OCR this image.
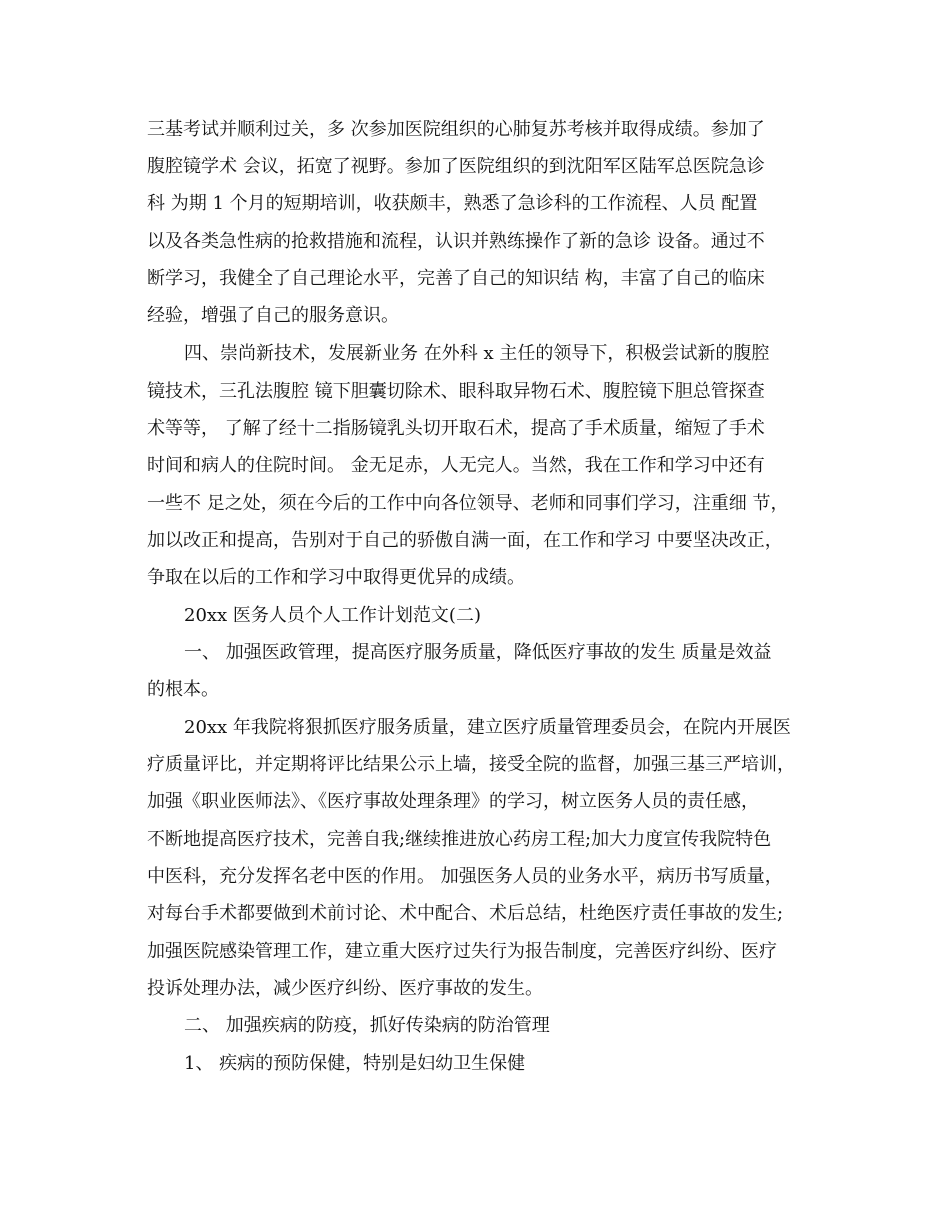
三基考试并顺利过关，多 次参加医院组织的心肺复苏考核并取得成绩。参加了

腹腔镜学术 会议，拓宽了视野。参加了医院组织的到沈阳军区陆军总医院急诊

科 为期 1 个月的短期培训，收获颇丰，熟悉了急诊科的工作流程、人员 配置

以及各类急性病的抢救措施和流程，认识并熟练操作了新的急诊 设备。通过不

断学习，我健全了自己理论水平，完善了自己的知识结 构，丰富了自己的临床

经验，增强了自己的服务意识。

四、崇尚新技术，发展新业务 在外科 x 主任的领导下，积极尝试新的腹腔

镜技术，三孔法腹腔 镜下胆囊切除术、眼科取异物石术、腹腔镜下胆总管探查

术等等， 了解了经十二指肠镜乳头切开取石术，提高了手术质量，缩短了手术

时间和病人的住院时间。 金无足赤，人无完人。当然，我在工作和学习中还有

一些不 足之处，须在今后的工作中向各位领导、老师和同事们学习，注重细 节，

加以改正和提高，告别对于自己的骄傲自满一面，在工作和学习 中要坚决改正，

争取在以后的工作和学习中取得更优异的成绩。

20xx 医务人员个人工作计划范文(二)

一、 加强医政管理，提高医疗服务质量，降低医疗事故的发生 质量是效益

的根本。

20xx 年我院将狠抓医疗服务质量，建立医疗质量管理委员会，在院内开展医

疗质量评比，并定期将评比结果公示上墙，接受全院的监督，加强三基三严培训，

加强《职业医师法》、《医疗事故处理条理》的学习，树立医务人员的责任感，

不断地提高医疗技术，完善自我;继续推进放心药房工程;加大力度宣传我院特色

中医科，充分发挥名老中医的作用。 加强医务人员的业务水平，病历书写质量，

对每台手术都要做到术前讨论、术中配合、术后总结，杜绝医疗责任事故的发生;

加强医院感染管理工作，建立重大医疗过失行为报告制度，完善医疗纠纷、医疗

投诉处理办法，减少医疗纠纷、医疗事故的发生。

二、 加强疾病的防疫，抓好传染病的防治管理

1、 疾病的预防保健，特别是妇幼卫生保健
